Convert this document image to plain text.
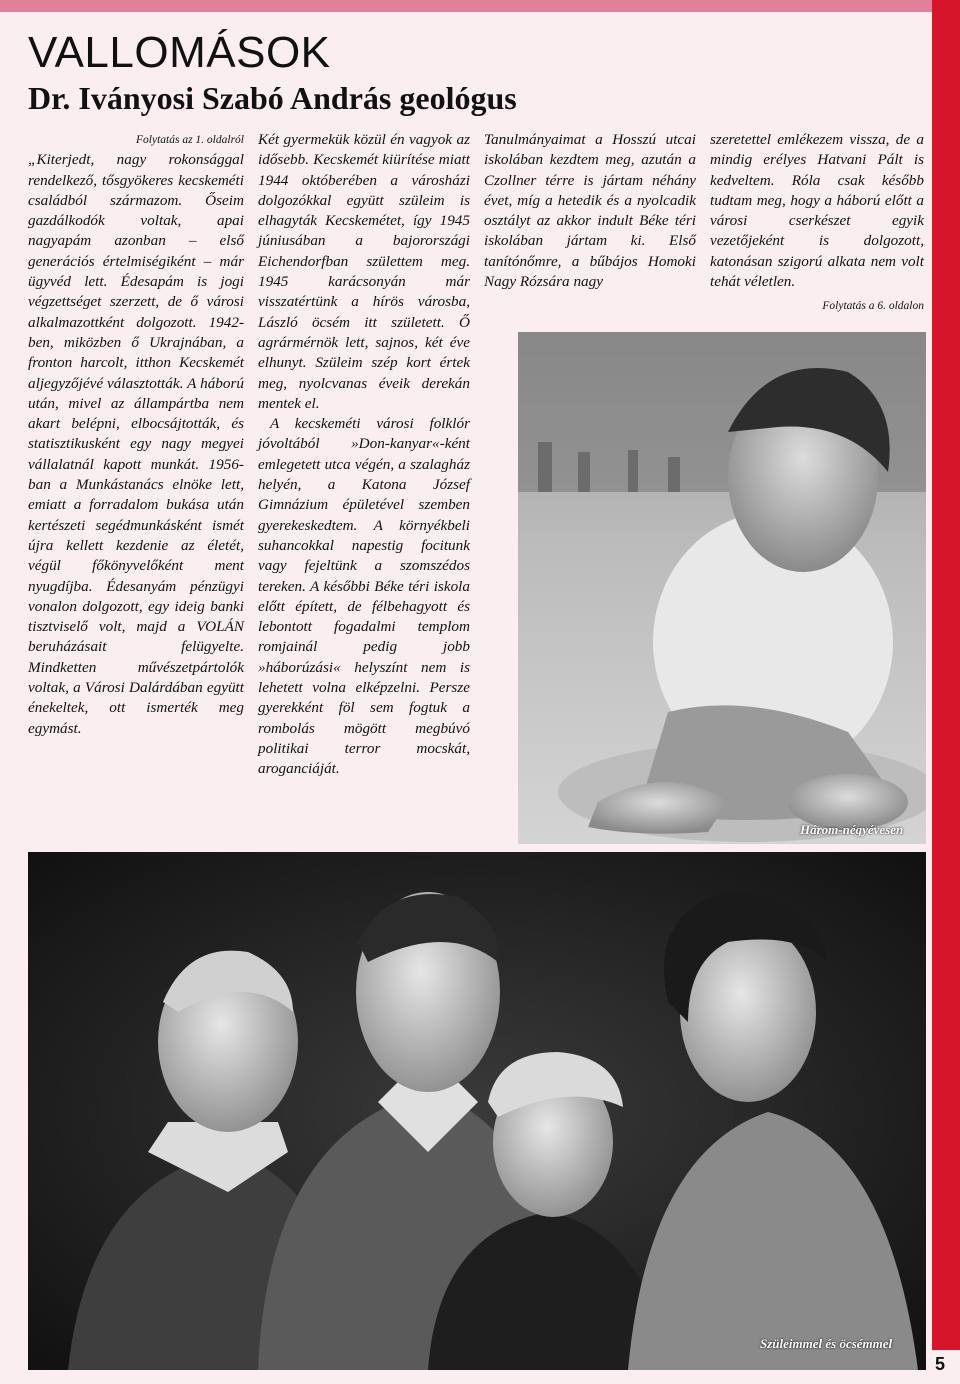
5
VALLOMÁSOK
Dr. Iványosi Szabó András geológus
Folytatás az 1. oldalról

„Kiterjedt, nagy rokonsággal rendelkező, tősgyökeres kecskeméti családból származom. Őseim gazdálkodók voltak, apai nagyapám azonban – első generációs értelmiségiként – már ügyvéd lett. Édesapám is jogi végzettséget szerzett, de ő városi alkalmazottként dolgozott. 1942-ben, miközben ő Ukrajnában, a fronton harcolt, itthon Kecskemét aljegyzőjévé választották. A háború után, mivel az állampártba nem akart belépni, elbocsájtották, és statisztikusként egy nagy megyei vállalatnál kapott munkát. 1956-ban a Munkástanács elnöke lett, emiatt a forradalom bukása után kertészeti segédmunkásként ismét újra kellett kezdenie az életét, végül főkönyvelőként ment nyugdíjba. Édesanyám pénzügyi vonalon dolgozott, egy ideig banki tisztviselő volt, majd a VOLÁN beruházásait felügyelte. Mindketten művészetpártolók voltak, a Városi Dalárdában együtt énekeltek, ott ismerték meg egymást.

Két gyermekük közül én vagyok az idősebb. Kecskemét kiürítése miatt 1944 októberében a városházi dolgozókkal együtt szüleim is elhagyták Kecskemétet, így 1945 júniusában a bajorországi Eichendorfban születtem meg. 1945 karácsonyán már visszatértünk a hírös városba, László öcsém itt született. Ő agrármérnök lett, sajnos, két éve elhunyt. Szüleim szép kort értek meg, nyolcvanas éveik derekán mentek el.

A kecskeméti városi folklór jóvoltából »Don-kanyar«-ként emlegetett utca végén, a szalagház helyén, a Katona József Gimnázium épületével szemben gyerekeskedtem. A környékbeli suhancokkal napestig focitunk vagy fejeltünk a szomszédos tereken. A későbbi Béke téri iskola előtt épített, de félbehagyott és lebontott fogadalmi templom romjainál pedig jobb »háborúzási« helyszínt nem is lehetett volna elképzelni. Persze gyerekként föl sem fogtuk a rombolás mögött megbúvó politikai terror mocskát, aroganciáját.

Tanulmányaimat a Hosszú utcai iskolában kezdtem meg, azután a Czollner térre is jártam néhány évet, míg a hetedik és a nyolcadik osztályt az akkor indult Béke téri iskolában jártam ki. Első tanítónőmre, a bűbájos Homoki Nagy Rózsára nagy

szeretettel emlékezem vissza, de a mindig erélyes Hatvani Pált is kedveltem. Róla csak később tudtam meg, hogy a háború előtt a városi cserkészet egyik vezetőjeként is dolgozott, katonásan szigorú alkata nem volt tehát véletlen.

Folytatás a 6. oldalon
Három-négyévesen
Szüleimmel és öcsémmel
